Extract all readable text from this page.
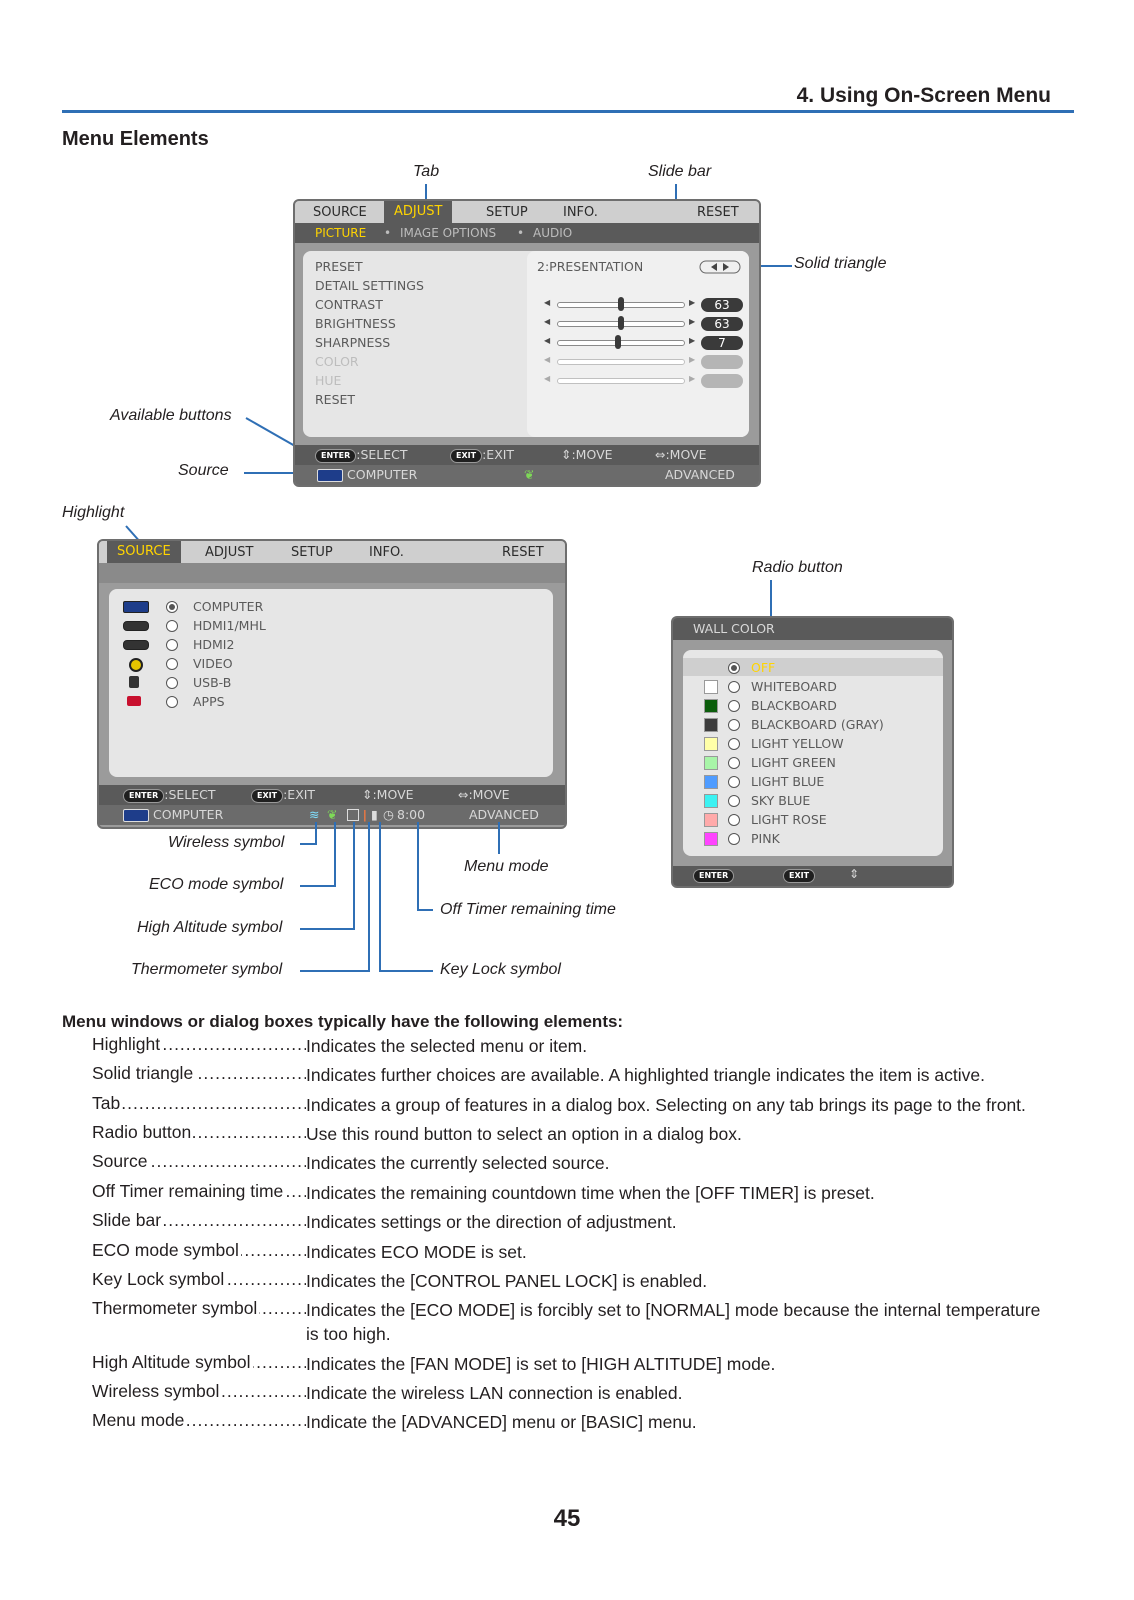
4. Using On-Screen Menu
Menu Elements
Tab	Slide bar
Solid triangle
Available buttons
Source
Highlight
Radio button
SOURCE	ADJUST	SETUP	INFO.	RESET
PICTURE • IMAGE OPTIONS • AUDIO
PRESET
DETAIL SETTINGS
CONTRAST
BRIGHTNESS
SHARPNESS
COLOR
HUE
RESET
2:PRESENTATION
◀	▶	63
◀	▶	63
◀	▶	7
◀	▶
◀	▶
ENTER :SELECT	EXIT :EXIT	⇕:MOVE	⇔:MOVE
COMPUTER	❦	ADVANCED
SOURCE	ADJUST	SETUP	INFO.	RESET
COMPUTER
HDMI1/MHL
HDMI2
VIDEO
USB-B
APPS
ENTER :SELECT	EXIT :EXIT	⇕:MOVE	⇔:MOVE
COMPUTER	≋ ❦ ǀ ▮ ◷ 8:00	ADVANCED
WALL COLOR
ENTER	EXIT	⇕
OFF
WHITEBOARD
BLACKBOARD
BLACKBOARD (GRAY)
LIGHT YELLOW
LIGHT GREEN
LIGHT BLUE
SKY BLUE
LIGHT ROSE
PINK
Wireless symbol
ECO mode symbol
High Altitude symbol
Thermometer symbol
Menu mode
Off Timer remaining time
Key Lock symbol
Menu windows or dialog boxes typically have the following elements:
Highlight .....	Indicates the selected menu or item.
Solid triangle .....	Indicates further choices are available. A highlighted triangle indicates the item is active.
Tab .....	Indicates a group of features in a dialog box. Selecting on any tab brings its page to the front.
Radio button .....	Use this round button to select an option in a dialog box.
Source .....	Indicates the currently selected source.
Off Timer remaining time .....	Indicates the remaining countdown time when the [OFF TIMER] is preset.
Slide bar .....	Indicates settings or the direction of adjustment.
ECO mode symbol .....	Indicates ECO MODE is set.
Key Lock symbol .....	Indicates the [CONTROL PANEL LOCK] is enabled.
Thermometer symbol .....	Indicates the [ECO MODE] is forcibly set to [NORMAL] mode because the internal temperature is too high.
High Altitude symbol .....	Indicates the [FAN MODE] is set to [HIGH ALTITUDE] mode.
Wireless symbol .....	Indicate the wireless LAN connection is enabled.
Menu mode .....	Indicate the [ADVANCED] menu or [BASIC] menu.
45
